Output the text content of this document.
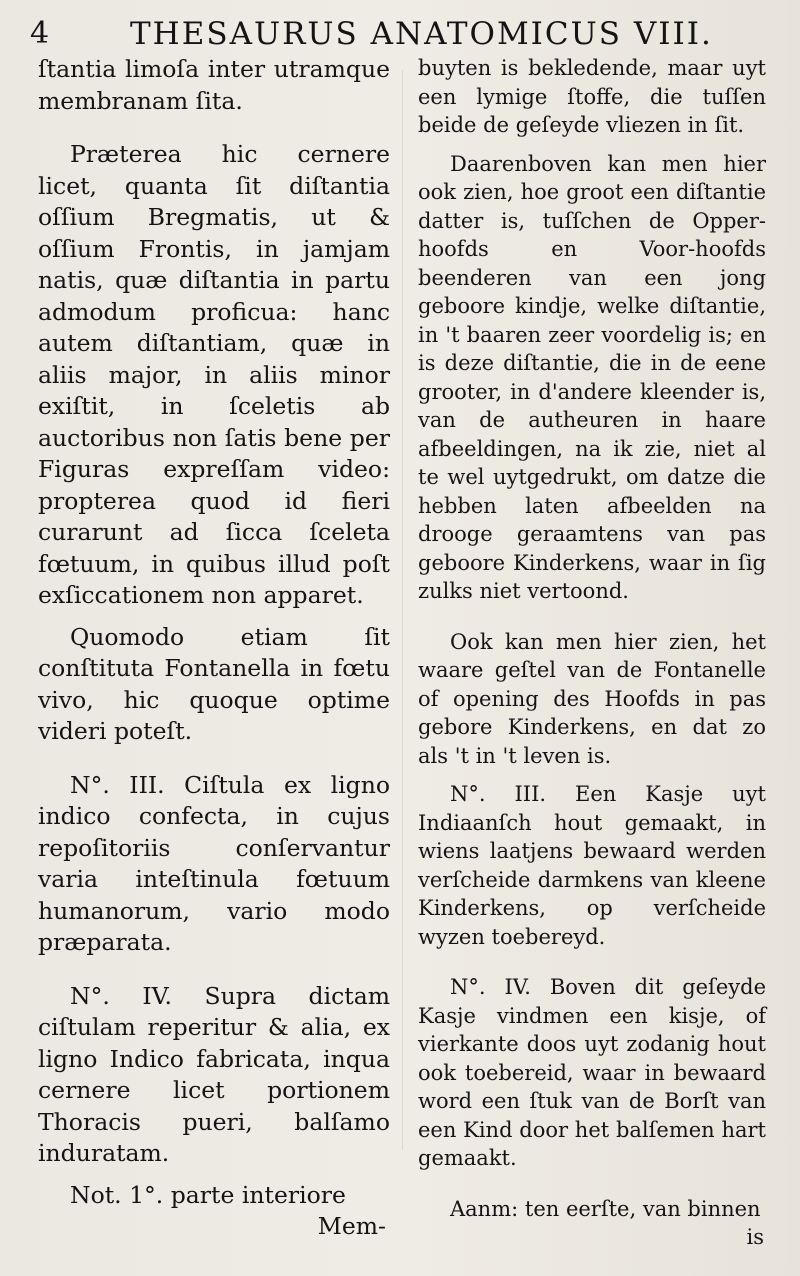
4	THESAURUS ANATOMICUS VIII.

ſtantia limoſa inter utramque membranam ſita.

Præterea hic cernere licet, quanta ſit diſtantia oſſium Bregmatis, ut & oſſium Frontis, in jamjam natis, quæ diſtantia in partu admodum proficua: hanc autem diſtantiam, quæ in aliis major, in aliis minor exiſtit, in ſceletis ab auctoribus non ſatis bene per Figuras expreſſam video: propterea quod id fieri curarunt ad ſicca ſceleta fœtuum, in quibus illud poſt exſiccationem non apparet.

Quomodo etiam ſit conſtituta Fontanella in fœtu vivo, hic quoque optime videri poteſt.

N°. III. Ciſtula ex ligno indico confecta, in cujus repoſitoriis conſervantur varia inteſtinula fœtuum humanorum, vario modo præparata.

N°. IV. Supra dictam ciſtulam reperitur & alia, ex ligno Indico fabricata, inqua cernere licet portionem Thoracis pueri, balſamo induratam.

Not. 1°. parte interiore

Mem-

buyten is bekledende, maar uyt een lymige ſtoffe, die tuſſen beide de geſeyde vliezen in ſit.

Daarenboven kan men hier ook zien, hoe groot een diſtantie datter is, tuſſchen de Opper-hoofds en Voor-hoofds beenderen van een jong geboore kindje, welke diſtantie, in 't baaren zeer voordelig is; en is deze diſtantie, die in de eene grooter, in d'andere kleender is, van de autheuren in haare afbeeldingen, na ik zie, niet al te wel uytgedrukt, om datze die hebben laten afbeelden na drooge geraamtens van pas geboore Kinderkens, waar in ſig zulks niet vertoond.

Ook kan men hier zien, het waare geſtel van de Fontanelle of opening des Hoofds in pas gebore Kinderkens, en dat zo als 't in 't leven is.

N°. III. Een Kasje uyt Indiaanſch hout gemaakt, in wiens laatjens bewaard werden verſcheide darmkens van kleene Kinderkens, op verſcheide wyzen toebereyd.

N°. IV. Boven dit geſeyde Kasje vindmen een kisje, of vierkante doos uyt zodanig hout ook toebereid, waar in bewaard word een ſtuk van de Borſt van een Kind door het balſemen hart gemaakt.

Aanm: ten eerſte, van binnen

is
